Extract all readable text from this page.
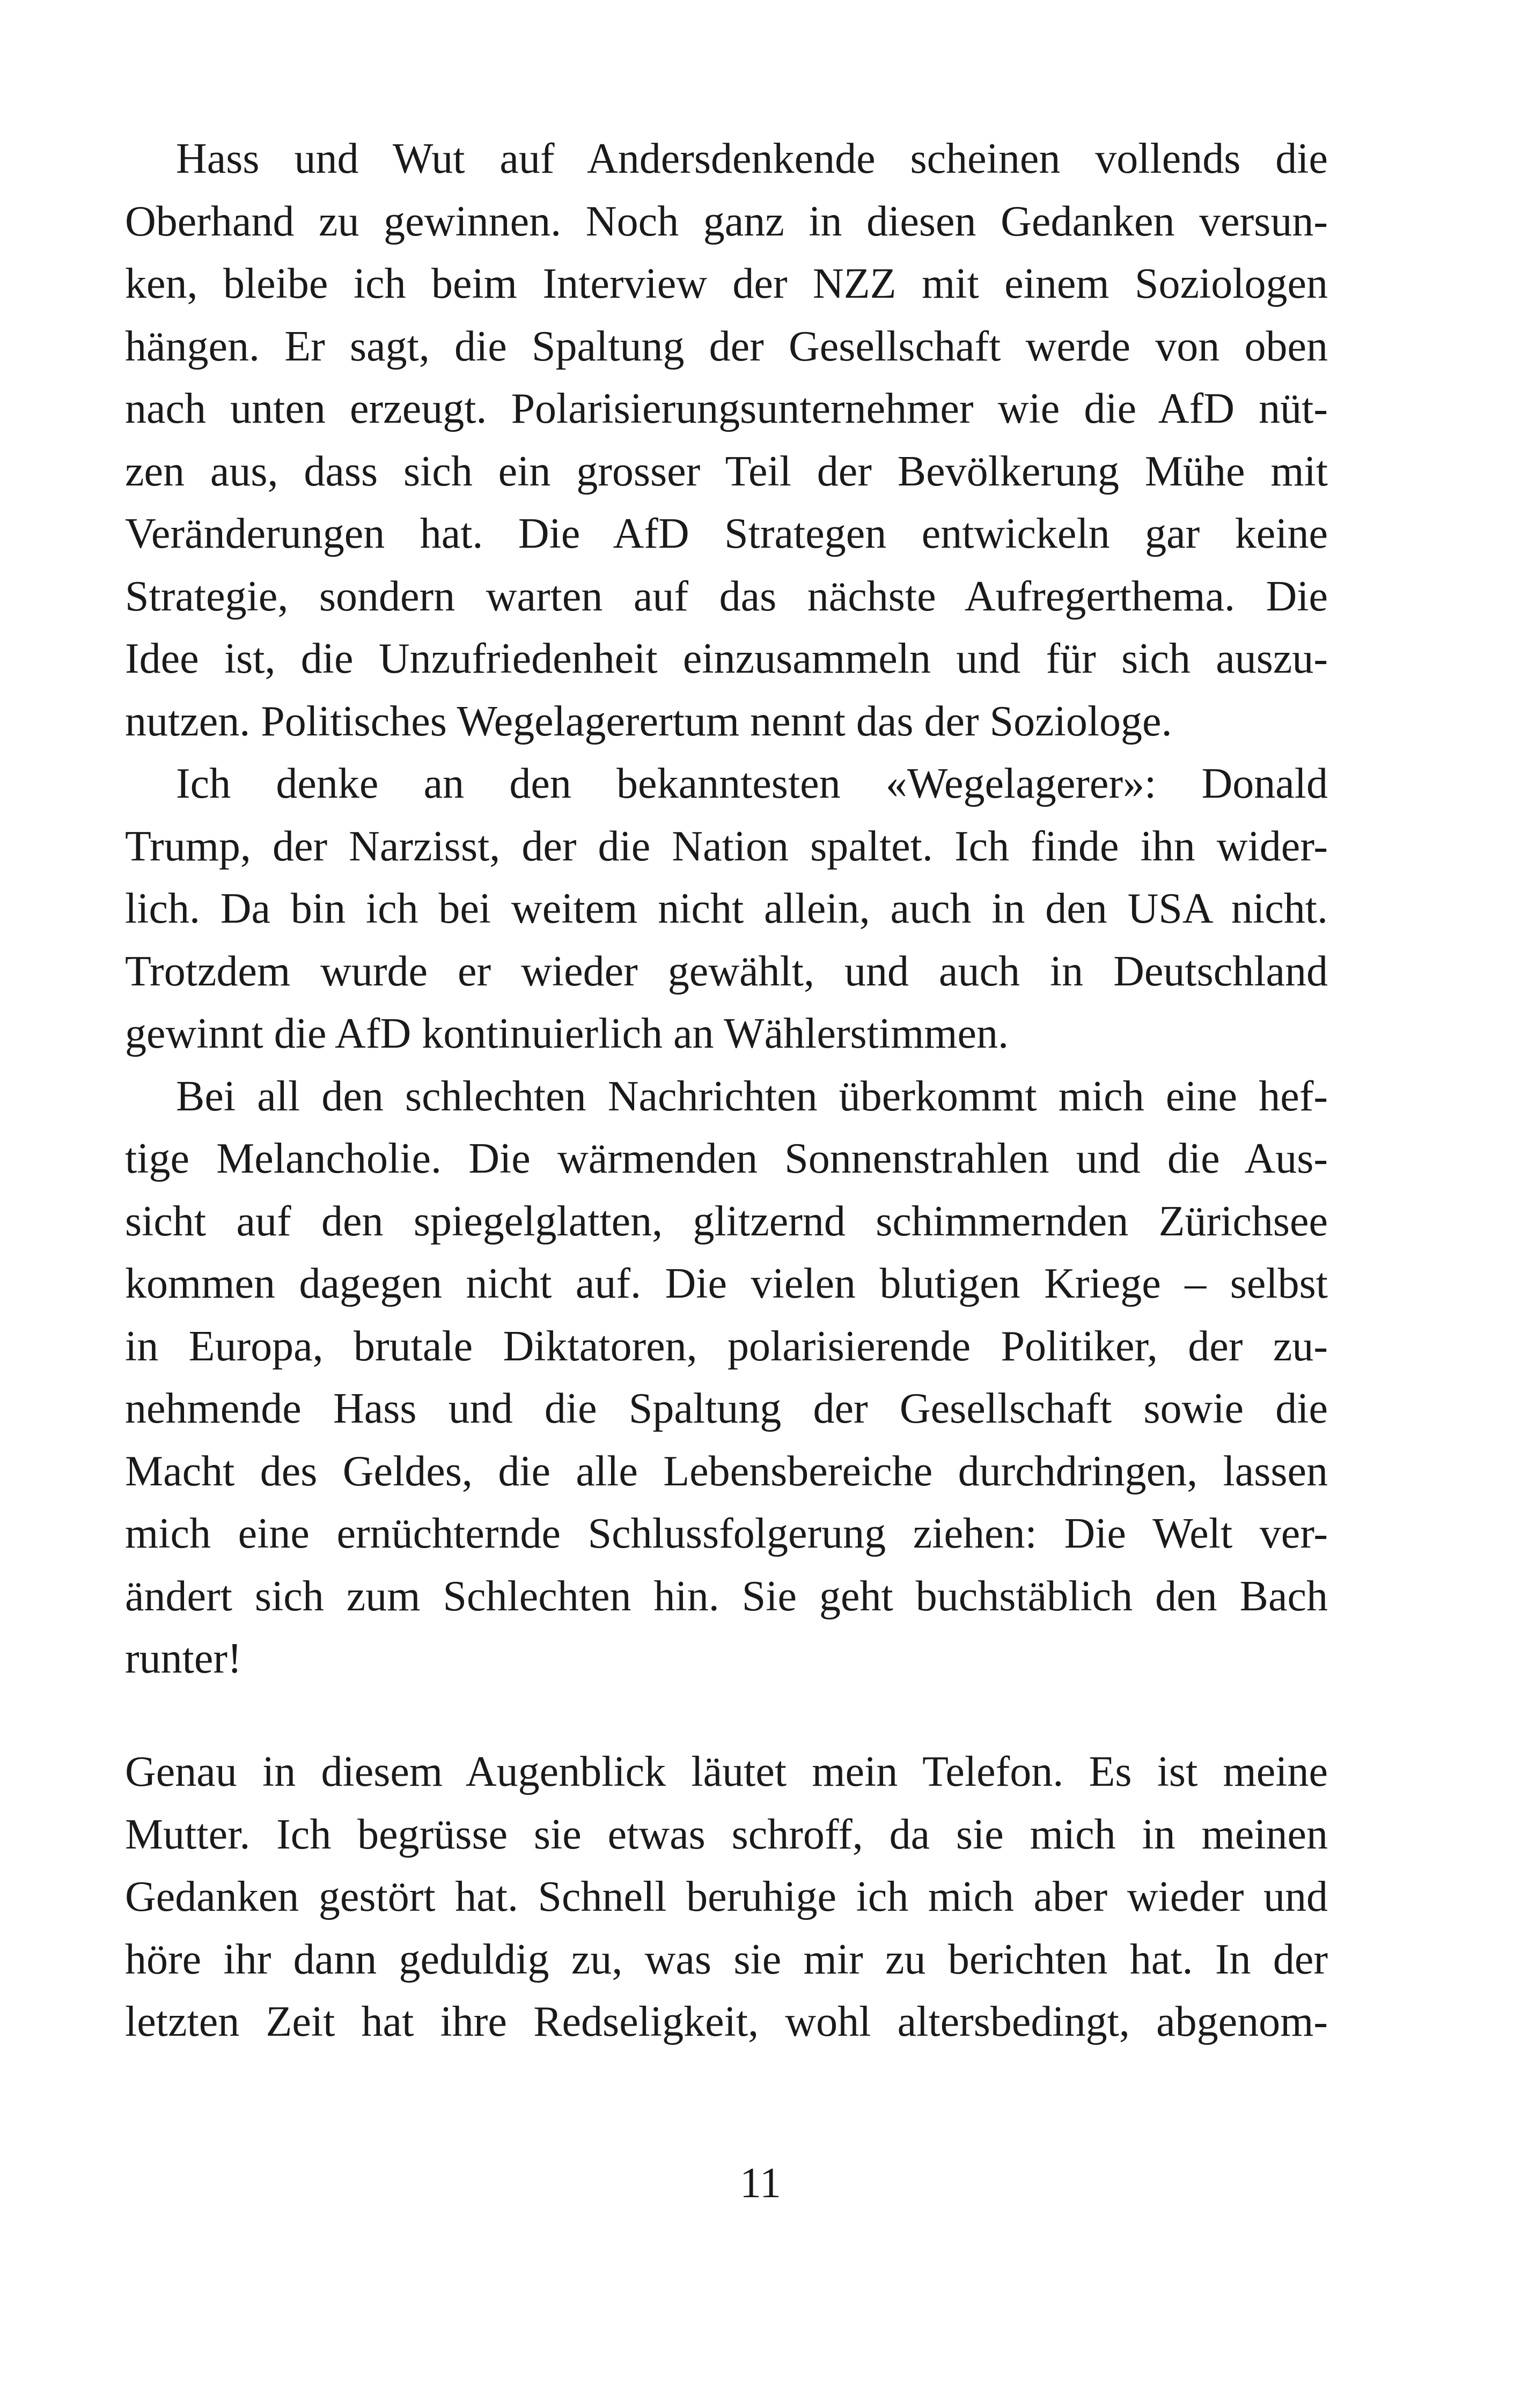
Hass und Wut auf Andersdenkende scheinen vollends die
Oberhand zu gewinnen. Noch ganz in diesen Gedanken versun-
ken, bleibe ich beim Interview der NZZ mit einem Soziologen
hängen. Er sagt, die Spaltung der Gesellschaft werde von oben
nach unten erzeugt. Polarisierungsunternehmer wie die AfD nüt-
zen aus, dass sich ein grosser Teil der Bevölkerung Mühe mit
Veränderungen hat. Die AfD Strategen entwickeln gar keine
Strategie, sondern warten auf das nächste Aufregerthema. Die
Idee ist, die Unzufriedenheit einzusammeln und für sich auszu-
nutzen. Politisches Wegelagerertum nennt das der Soziologe.
Ich denke an den bekanntesten «Wegelagerer»: Donald
Trump, der Narzisst, der die Nation spaltet. Ich finde ihn wider-
lich. Da bin ich bei weitem nicht allein, auch in den USA nicht.
Trotzdem wurde er wieder gewählt, und auch in Deutschland
gewinnt die AfD kontinuierlich an Wählerstimmen.
Bei all den schlechten Nachrichten überkommt mich eine hef-
tige Melancholie. Die wärmenden Sonnenstrahlen und die Aus-
sicht auf den spiegelglatten, glitzernd schimmernden Zürichsee
kommen dagegen nicht auf. Die vielen blutigen Kriege – selbst
in Europa, brutale Diktatoren, polarisierende Politiker, der zu-
nehmende Hass und die Spaltung der Gesellschaft sowie die
Macht des Geldes, die alle Lebensbereiche durchdringen, lassen
mich eine ernüchternde Schlussfolgerung ziehen: Die Welt ver-
ändert sich zum Schlechten hin. Sie geht buchstäblich den Bach
runter!
Genau in diesem Augenblick läutet mein Telefon. Es ist meine
Mutter. Ich begrüsse sie etwas schroff, da sie mich in meinen
Gedanken gestört hat. Schnell beruhige ich mich aber wieder und
höre ihr dann geduldig zu, was sie mir zu berichten hat. In der
letzten Zeit hat ihre Redseligkeit, wohl altersbedingt, abgenom-
11
